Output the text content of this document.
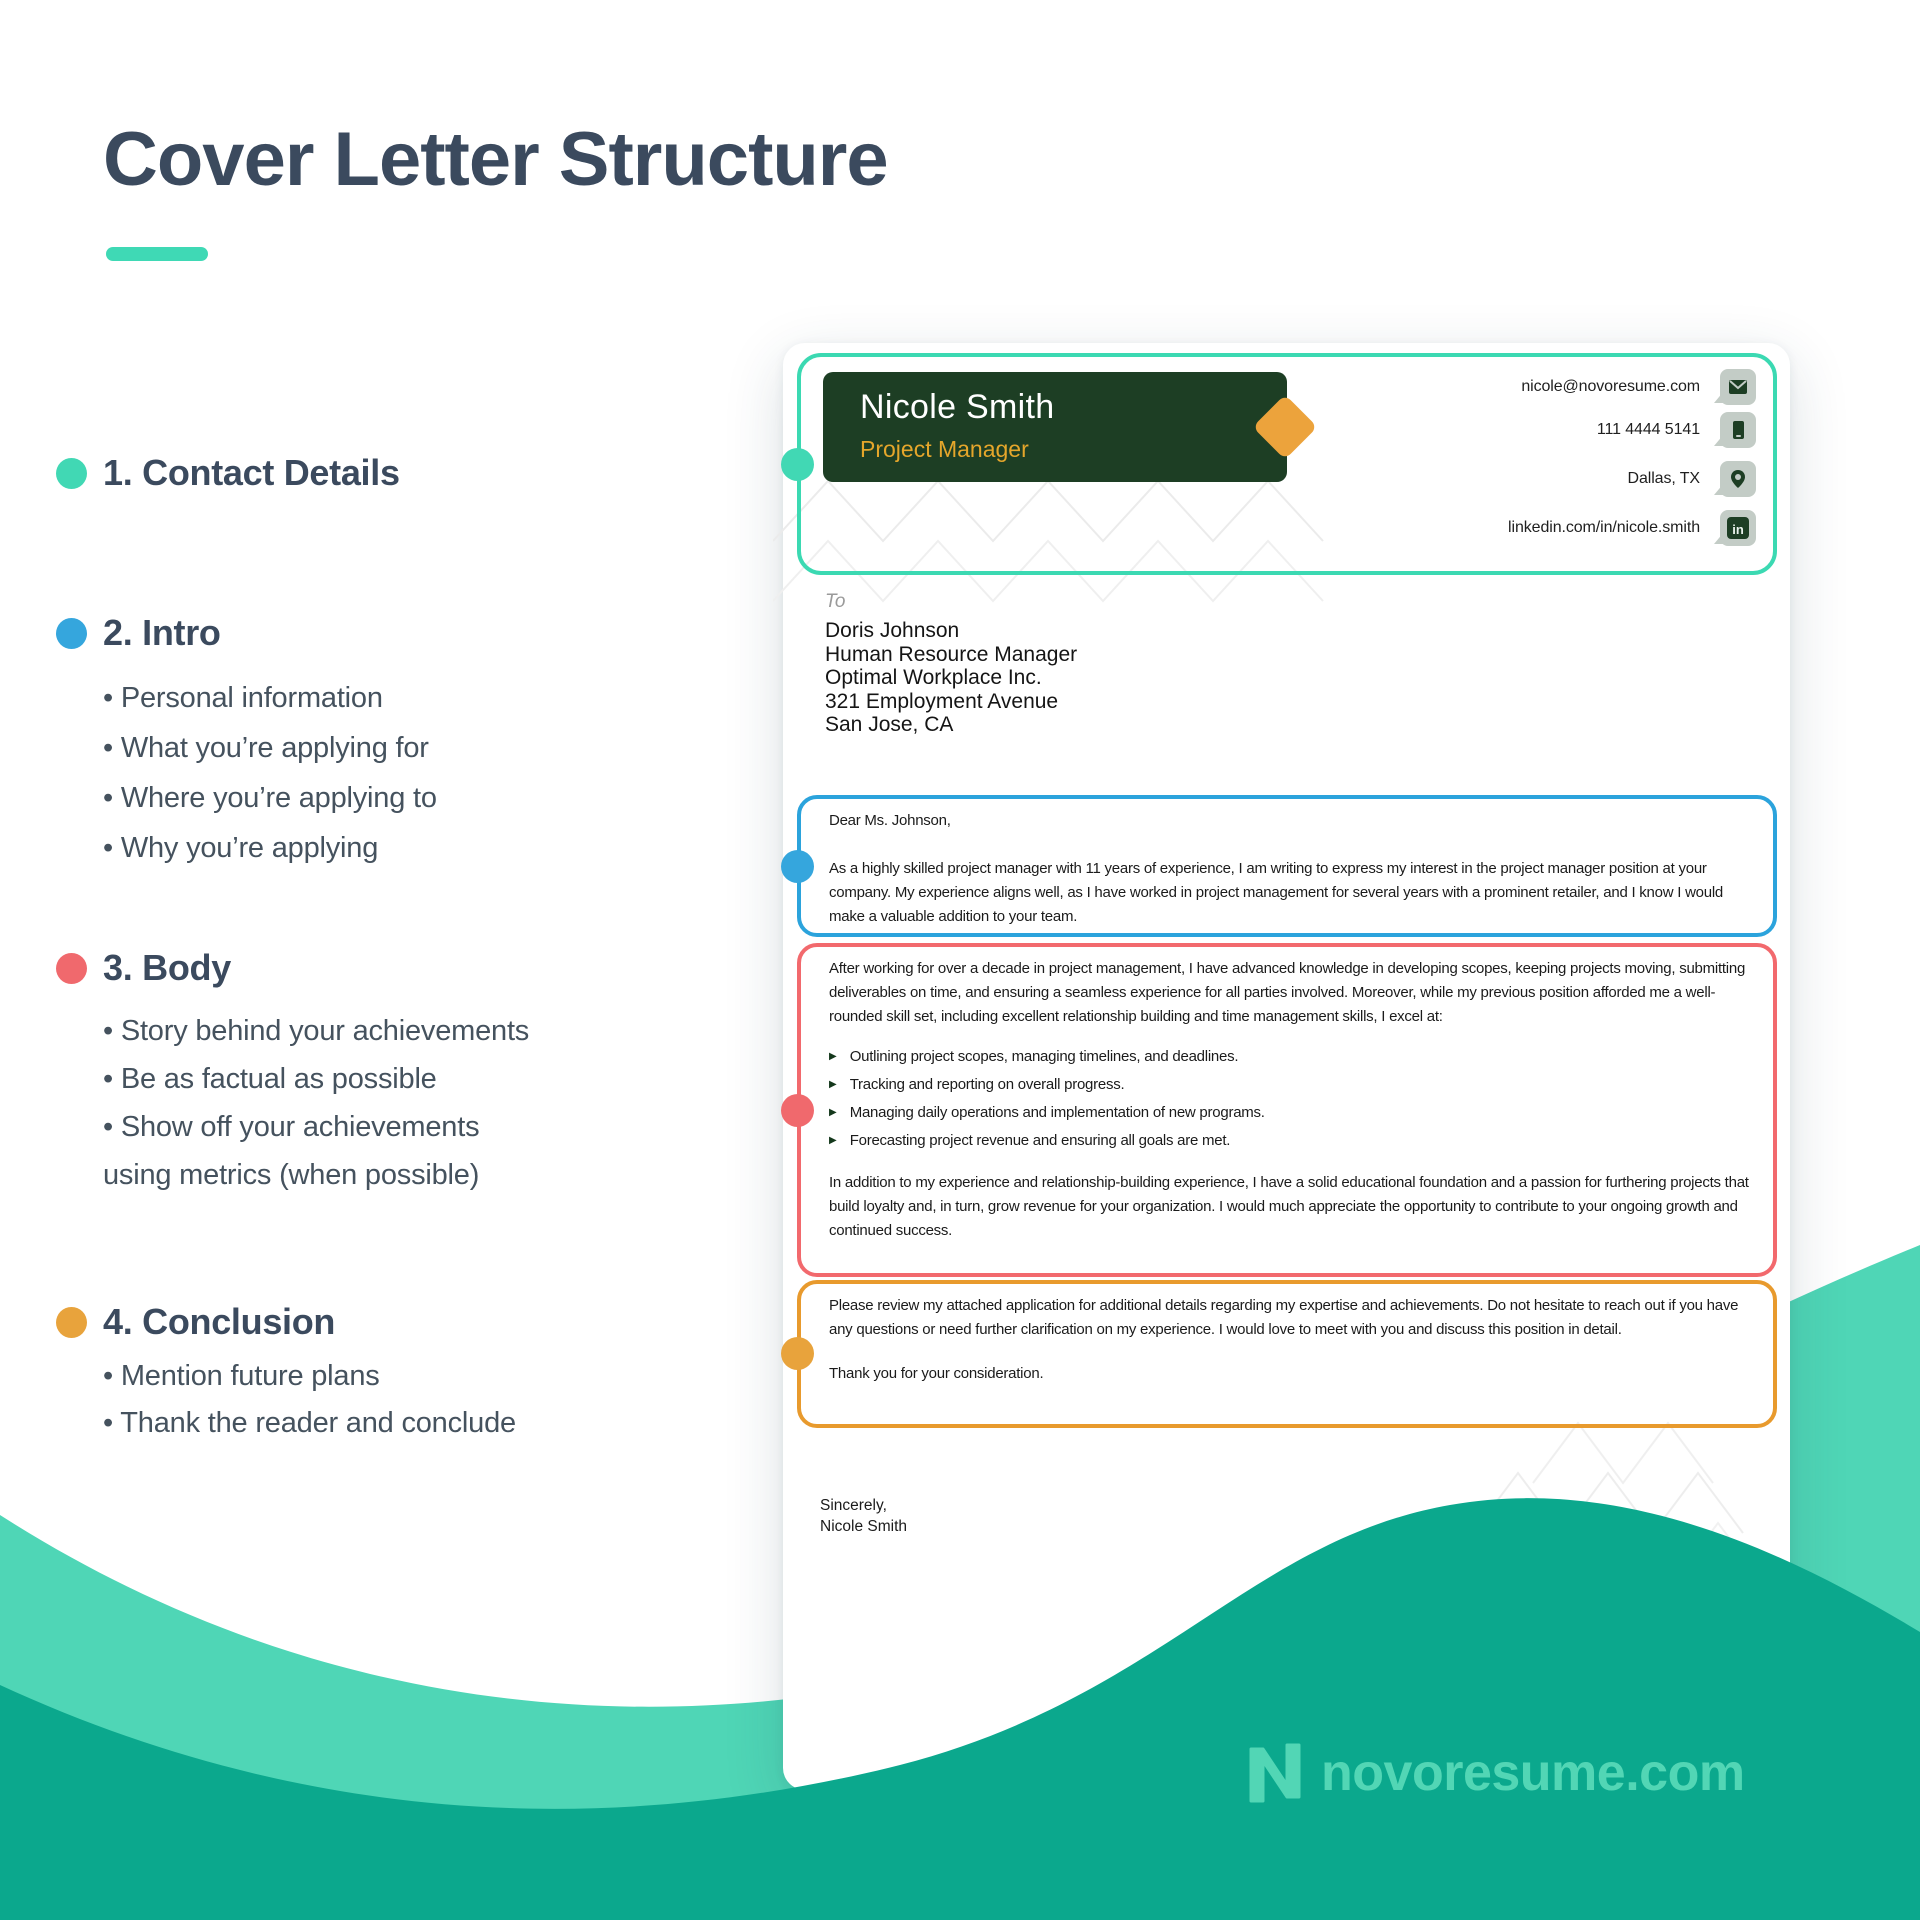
Cover Letter Structure
1. Contact Details
2. Intro
• Personal information
• What you’re applying for
• Where you’re applying to
• Why you’re applying
3. Body
• Story behind your achievements
• Be as factual as possible
• Show off your achievements
using metrics (when possible)
4. Conclusion
• Mention future plans
• Thank the reader and conclude
Nicole Smith
Project Manager
nicole@novoresume.com
111 4444 5141
Dallas, TX
linkedin.com/in/nicole.smith in
To
Doris Johnson
Human Resource Manager
Optimal Workplace Inc.
321 Employment Avenue
San Jose, CA
Dear Ms. Johnson,
As a highly skilled project manager with 11 years of experience, I am writing to express my interest in the project manager position at your company. My experience aligns well, as I have worked in project management for several years with a prominent retailer, and I know I would make a valuable addition to your team.
After working for over a decade in project management, I have advanced knowledge in developing scopes, keeping projects moving, submitting deliverables on time, and ensuring a seamless experience for all parties involved. Moreover, while my previous position afforded me a well-rounded skill set, including excellent relationship building and time management skills, I excel at:
▶ Outlining project scopes, managing timelines, and deadlines.
▶ Tracking and reporting on overall progress.
▶ Managing daily operations and implementation of new programs.
▶ Forecasting project revenue and ensuring all goals are met.
In addition to my experience and relationship-building experience, I have a solid educational foundation and a passion for furthering projects that build loyalty and, in turn, grow revenue for your organization. I would much appreciate the opportunity to contribute to your ongoing growth and continued success.
Please review my attached application for additional details regarding my expertise and achievements. Do not hesitate to reach out if you have any questions or need further clarification on my experience. I would love to meet with you and discuss this position in detail.
Thank you for your consideration.
Sincerely,
Nicole Smith
novoresume.com
